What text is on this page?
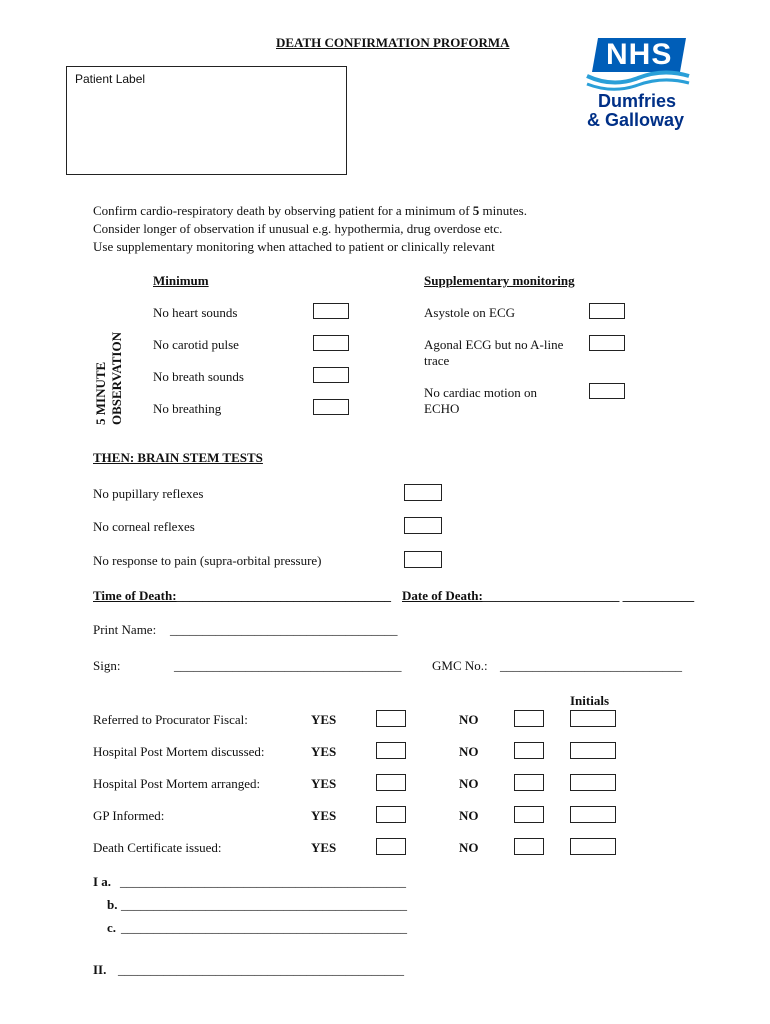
DEATH CONFIRMATION PROFORMA	NHS
Dumfries
& Galloway
Patient Label
Confirm cardio-respiratory death by observing patient for a minimum of 5 minutes.
Consider longer of observation if unusual e.g. hypothermia, drug overdose etc.
Use supplementary monitoring when attached to patient or clinically relevant
Minimum	Supplementary monitoring
5 MINUTE OBSERVATION
No heart sounds
No carotid pulse
No breath sounds
No breathing
Asystole on ECG
Agonal ECG but no A-line
trace
No cardiac motion on
ECHO
THEN: BRAIN STEM TESTS
No pupillary reflexes
No corneal reflexes
No response to pain (supra-orbital pressure)
Time of Death:_________________________________ Date of Death:_____________________ ___________
Print Name: ___________________________________
Sign:	___________________________________ GMC No.: ____________________________
Initials
Referred to Procurator Fiscal:	YES	NO
Hospital Post Mortem discussed:	YES	NO
Hospital Post Mortem arranged:	YES	NO
GP Informed:	YES	NO
Death Certificate issued:	YES	NO
I a. ____________________________________________
b. ____________________________________________
c. ____________________________________________
II. ____________________________________________
